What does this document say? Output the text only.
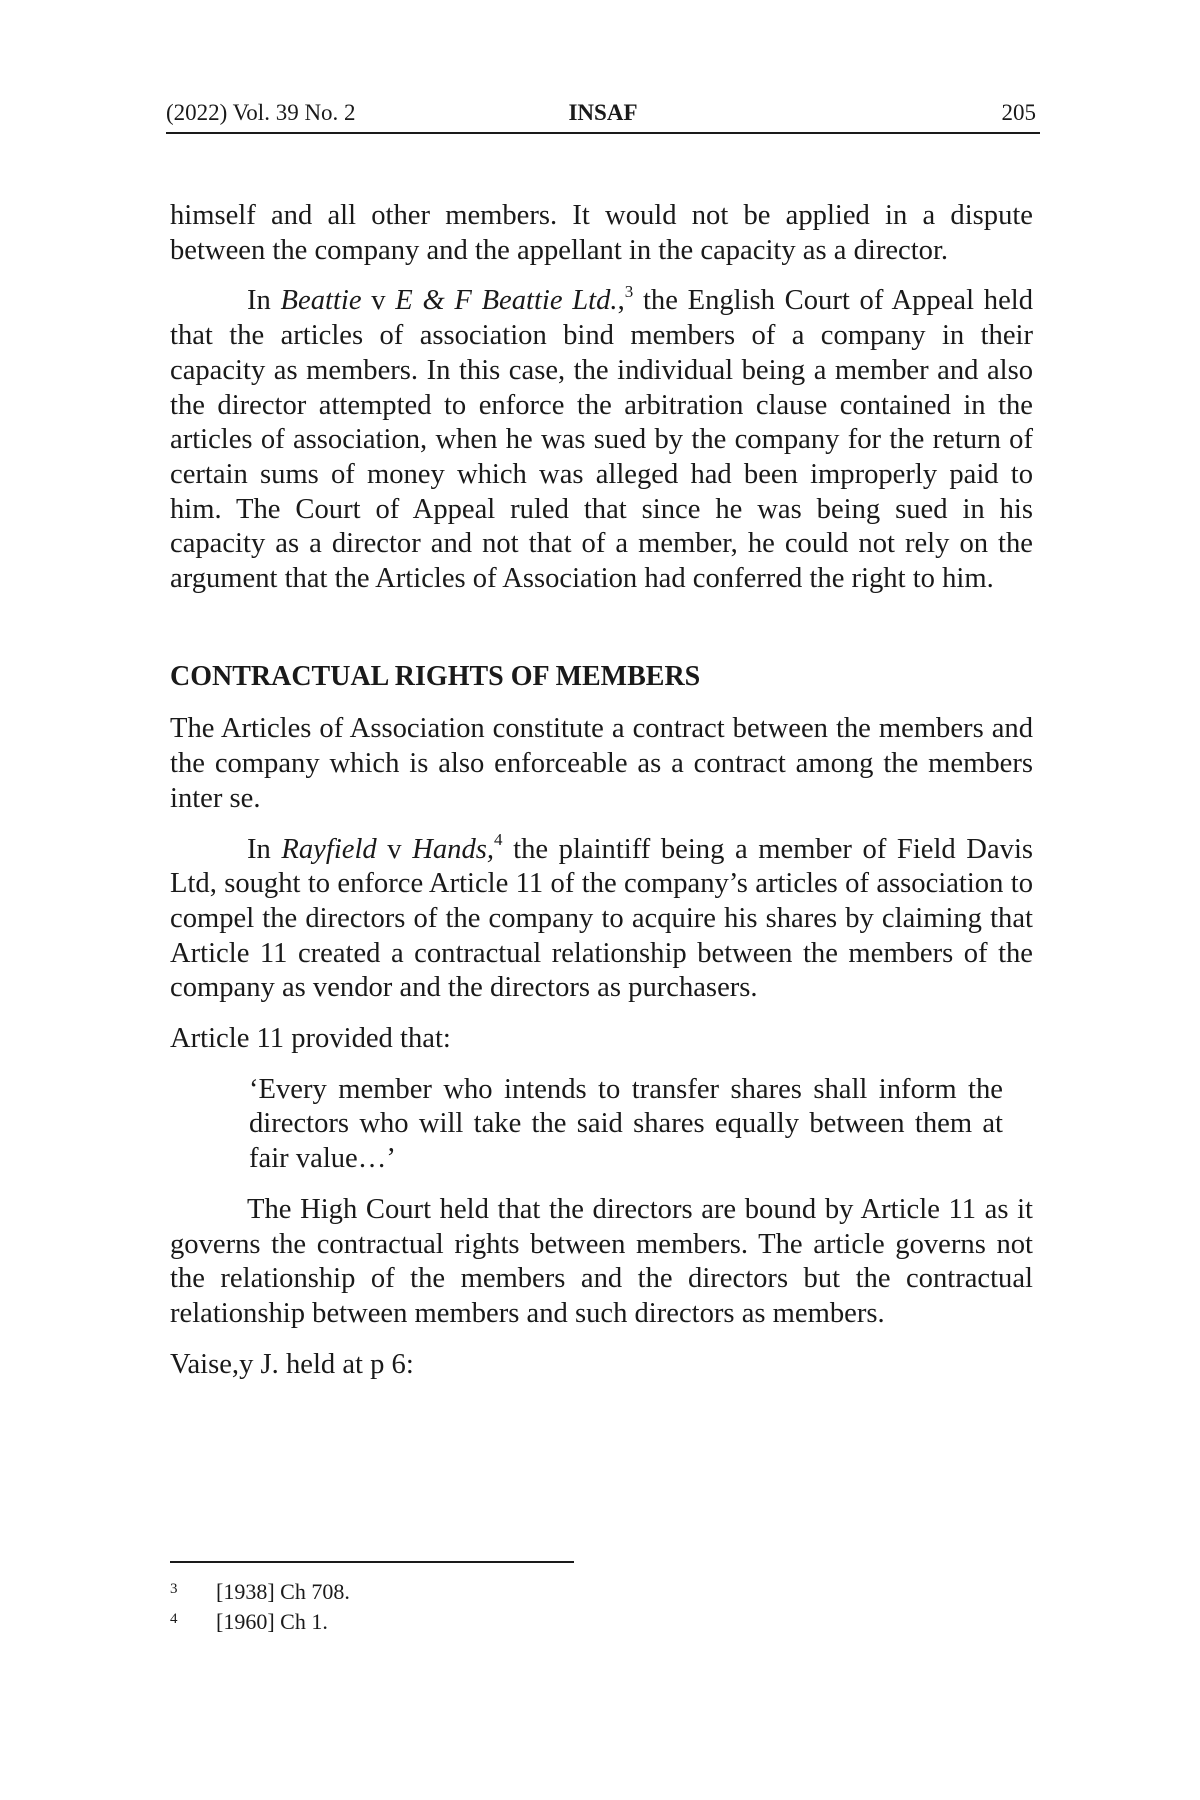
(2022) Vol. 39 No. 2	INSAF	205

himself and all other members. It would not be applied in a dispute between the company and the appellant in the capacity as a director.

In Beattie v E & F Beattie Ltd.,$^3$ the English Court of Appeal held that the articles of association bind members of a company in their capacity as members. In this case, the individual being a member and also the director attempted to enforce the arbitration clause contained in the articles of association, when he was sued by the company for the return of certain sums of money which was alleged had been improperly paid to him. The Court of Appeal ruled that since he was being sued in his capacity as a director and not that of a member, he could not rely on the argument that the Articles of Association had conferred the right to him.

CONTRACTUAL RIGHTS OF MEMBERS

The Articles of Association constitute a contract between the members and the company which is also enforceable as a contract among the members inter se.

In Rayfield v Hands,$^4$ the plaintiff being a member of Field Davis Ltd, sought to enforce Article 11 of the company’s articles of association to compel the directors of the company to acquire his shares by claiming that Article 11 created a contractual relationship between the members of the company as vendor and the directors as purchasers.

Article 11 provided that:

‘Every member who intends to transfer shares shall inform the directors who will take the said shares equally between them at fair value…’

The High Court held that the directors are bound by Article 11 as it governs the contractual rights between members. The article governs not the relationship of the members and the directors but the contractual relationship between members and such directors as members.

Vaise,y J. held at p 6:

3 [1938] Ch 708.
4 [1960] Ch 1.
